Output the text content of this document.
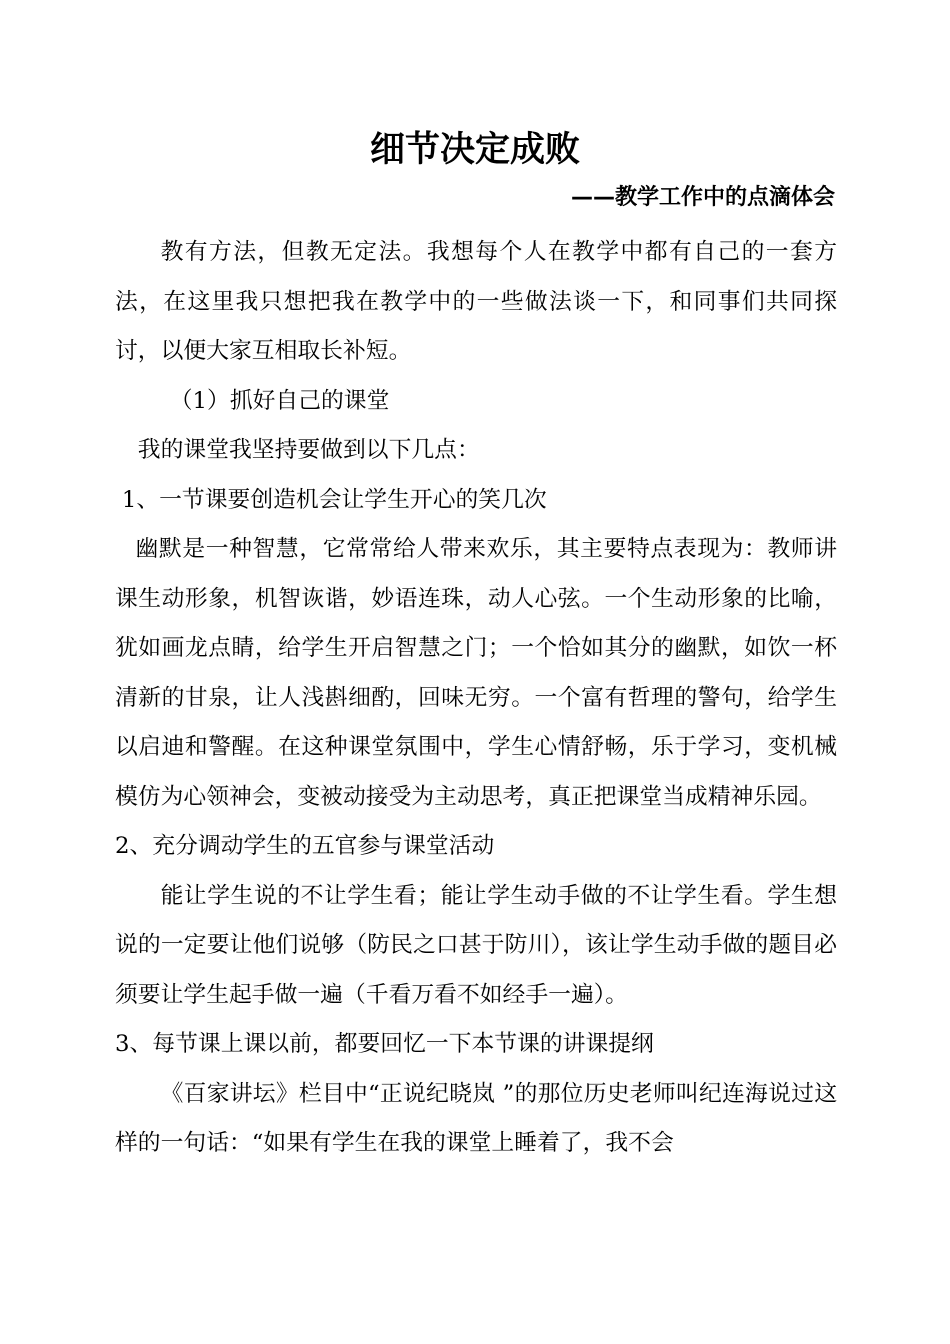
细节决定成败
——教学工作中的点滴体会

教有方法，但教无定法。我想每个人在教学中都有自己的一套方法，在这里我只想把我在教学中的一些做法谈一下，和同事们共同探讨，以便大家互相取长补短。

（1）抓好自己的课堂

我的课堂我坚持要做到以下几点：

1、一节课要创造机会让学生开心的笑几次

幽默是一种智慧，它常常给人带来欢乐，其主要特点表现为：教师讲课生动形象，机智诙谐，妙语连珠，动人心弦。一个生动形象的比喻，犹如画龙点睛，给学生开启智慧之门；一个恰如其分的幽默，如饮一杯清新的甘泉，让人浅斟细酌，回味无穷。一个富有哲理的警句，给学生以启迪和警醒。在这种课堂氛围中，学生心情舒畅，乐于学习，变机械模仿为心领神会，变被动接受为主动思考，真正把课堂当成精神乐园。

2、充分调动学生的五官参与课堂活动

能让学生说的不让学生看；能让学生动手做的不让学生看。学生想说的一定要让他们说够（防民之口甚于防川），该让学生动手做的题目必须要让学生起手做一遍（千看万看不如经手一遍）。

3、每节课上课以前，都要回忆一下本节课的讲课提纲

《百家讲坛》栏目中“正说纪晓岚 ”的那位历史老师叫纪连海说过这样的一句话：“如果有学生在我的课堂上睡着了，我不会
